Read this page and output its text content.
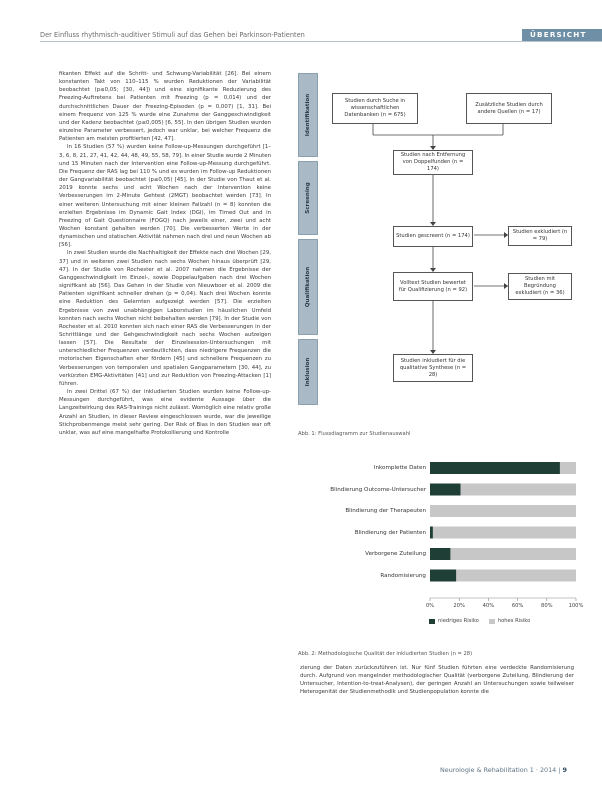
Der Einfluss rhythmisch-auditiver Stimuli auf das Gehen bei Parkinson-Patienten	ÜBERSICHT

fikanten Effekt auf die Schritt- und Schwung-Variabilität [26]. Bei einem konstanten Takt von 110–115 % wurden Reduktionen der Variabilität beobachtet (p≤0,05; [30, 44]) und eine signifikante Reduzierung des Freezing-Auftretens bei Patienten mit Freezing (p = 0,014) und der durchschnittlichen Dauer der Freezing-Episoden (p = 0,007) [1, 31]. Bei einem Frequenz von 125 % wurde eine Zunahme der Ganggeschwindigkeit und der Kadenz beobachtet (p≤0,005) [6, 55]. In den übrigen Studien wurden einzelne Parameter verbessert, jedoch war unklar, bei welcher Frequenz die Patienten am meisten profitierten [42, 47].

In 16 Studien (57 %) wurden keine Follow-up-Messungen durchgeführt [1–3, 6, 8, 21, 27, 41, 42, 44, 48, 49, 55, 58, 79]. In einer Studie wurde 2 Minuten und 15 Minuten nach der Intervention eine Follow-up-Messung durchgeführt. Die Frequenz der RAS lag bei 110 % und es wurden im Follow-up Reduktionen der Gangvariabilität beobachtet (p≤0,05) [45]. In der Studie von Thaut et al. 2019 konnte sechs und acht Wochen nach der Intervention keine Verbesserungen im 2-Minute Gehtest (2MGT) beobachtet werden [73]. In einer weiteren Untersuchung mit einer kleinen Fallzahl (n = 8) konnten die erzielten Ergebnisse im Dynamic Gait Index (DGI), im Timed Out and in Freezing of Gait Questionnaire (FOGQ) nach jeweils einer, zwei und acht Wochen konstant gehalten werden [70]. Die verbesserten Werte in der dynamischen und statischen Aktivität nahmen nach drei und neun Wochen ab [56].

In zwei Studien wurde die Nachhaltigkeit der Effekte nach drei Wochen [29, 37] und in weiteren zwei Studien nach sechs Wochen hinaus überprüft [29, 47]. In der Studie von Rochester et al. 2007 nahmen die Ergebnisse der Ganggeschwindigkeit im Einzel-, sowie Doppelaufgaben nach drei Wochen signifikant ab [56]. Das Gehen in der Studie von Nieuwboer et al. 2009 die Patienten signifikant schneller drehen (p = 0,04). Nach drei Wochen konnte eine Reduktion des Gelernten aufgezeigt werden [57]. Die erzielten Ergebnisse von zwei unabhängigen Laborstudien im häuslichen Umfeld konnten nach sechs Wochen nicht beibehalten werden [79]. In der Studie von Rochester et al. 2010 konnten sich nach einer RAS die Verbesserungen in der Schrittlänge und der Gehgeschwindigkeit nach sechs Wochen aufzeigen lassen [57]. Die Resultate der Einzelsession-Untersuchungen mit unterschiedlicher Frequenzen verdeutlichten, dass niedrigere Frequenzen die motorischen Eigenschaften eher fördern [45] und schnellere Frequenzen zu Verbesserungen von temporalen und spatialen Gangparametern [30, 44], zu verkürzten EMG-Aktivitäten [41] und zur Reduktion von Freezing-Attacken [1] führen.

In zwei Drittel (67 %) der inkludierten Studien wurden keine Follow-up-Messungen durchgeführt, was eine evidente Aussage über die Langzeitwirkung des RAS-Trainings nicht zulässt. Womöglich eine relativ große Anzahl an Studien, in dieser Review eingeschlossen wurde, war die jeweilige Stichprobenmenge meist sehr gering. Der Risk of Bias in den Studien war oft unklar, was auf eine mangelhafte Protokollierung und Kontrolle

Identifikation
Screening
Qualifikation
Inklusion
Studien durch Suche in wissenschaftlichen Datenbanken (n = 675)
Zusätzliche Studien durch andere Quellen (n = 17)
Studien nach Entfernung von Doppelfunden (n = 174)
Studien gescreent (n = 174)
Studien exkludiert (n = 79)
Volltext Studien bewertet für Qualifizierung (n = 92)
Studien mit Begründung exkludiert (n = 36)
Studien inkludiert für die qualitative Synthese (n = 28)
Abb. 1: Flussdiagramm zur Studienauswahl
Inkomplette Daten
Blindierung Outcome-Untersucher
Blindierung der Therapeuten
Blindierung der Patienten
Verborgene Zuteilung
Randomisierung
0%	20%	40%	60%	80%	100%
niedriges Risiko	hohes Risiko
Abb. 2: Methodologische Qualität der inkludierten Studien (n = 28)
zierung der Daten zurückzuführen ist. Nur fünf Studien führten eine verdeckte Randomisierung durch. Aufgrund von mangelnder methodologischer Qualität (verborgene Zuteilung, Blindierung der Untersucher, Intention-to-treat-Analysen), der geringen Anzahl an Untersuchungen sowie teilweiser Heterogenität der Studienmethodik und Studienpopulation konnte die
Neurologie & Rehabilitation 1 · 2014 | 9
